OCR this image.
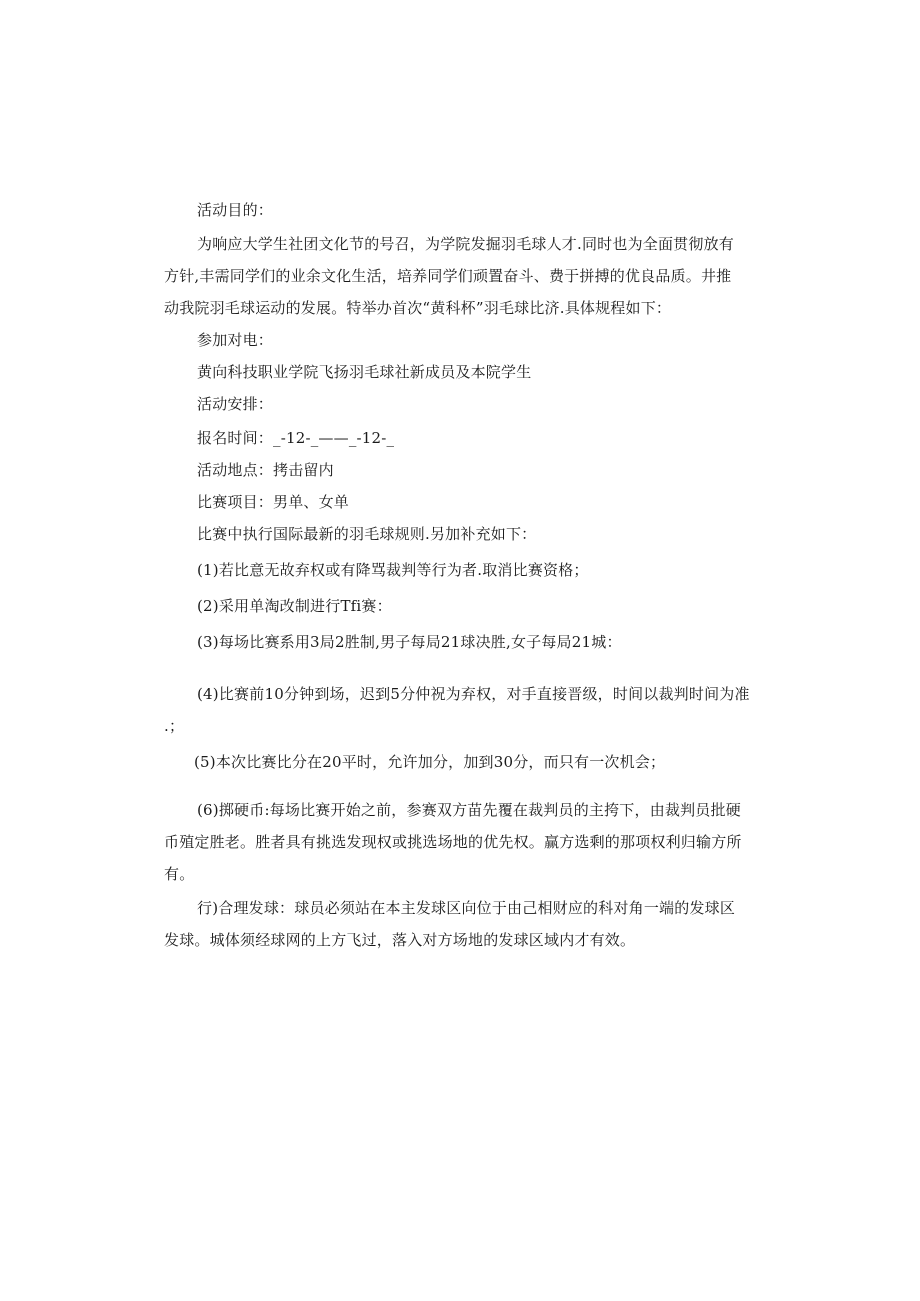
活动目的：
为响应大学生社团文化节的号召，为学院发掘羽毛球人才.同时也为全面贯彻放有
方针,丰需同学们的业余文化生活，培养同学们顽置奋斗、费于拼搏的优良品质。井推
动我院羽毛球运动的发展。特举办首次“黄科杯”羽毛球比济.具体规程如下：
参加对电：
黄向科技职业学院飞扬羽毛球社新成员及本院学生
活动安排：
报名时间：_-12-_——_-12-_
活动地点：拷击留内
比赛项目：男单、女单
比赛中执行国际最新的羽毛球规则.另加补充如下：
(1)若比意无故弃权或有降骂裁判等行为者.取消比赛资格；
(2)采用单淘改制进行Tfi赛：
(3)每场比赛系用3局2胜制,男子每局21球决胜,女子每局21城：
(4)比赛前10分钟到场，迟到5分仲祝为弃权，对手直接晋级，时间以裁判时间为准
.；
(5)本次比赛比分在20平时，允许加分，加到30分，而只有一次机会；
(6)掷硬币:每场比赛开始之前，参赛双方苗先覆在裁判员的主挎下，由裁判员批硬
币殖定胜老。胜者具有挑选发现权或挑选场地的优先权。赢方选剩的那项权利归输方所
有。
行)合理发球：球员必须站在本主发球区向位于由己相财应的科对角一端的发球区
发球。城体须经球网的上方飞过，落入对方场地的发球区域内才有效。
